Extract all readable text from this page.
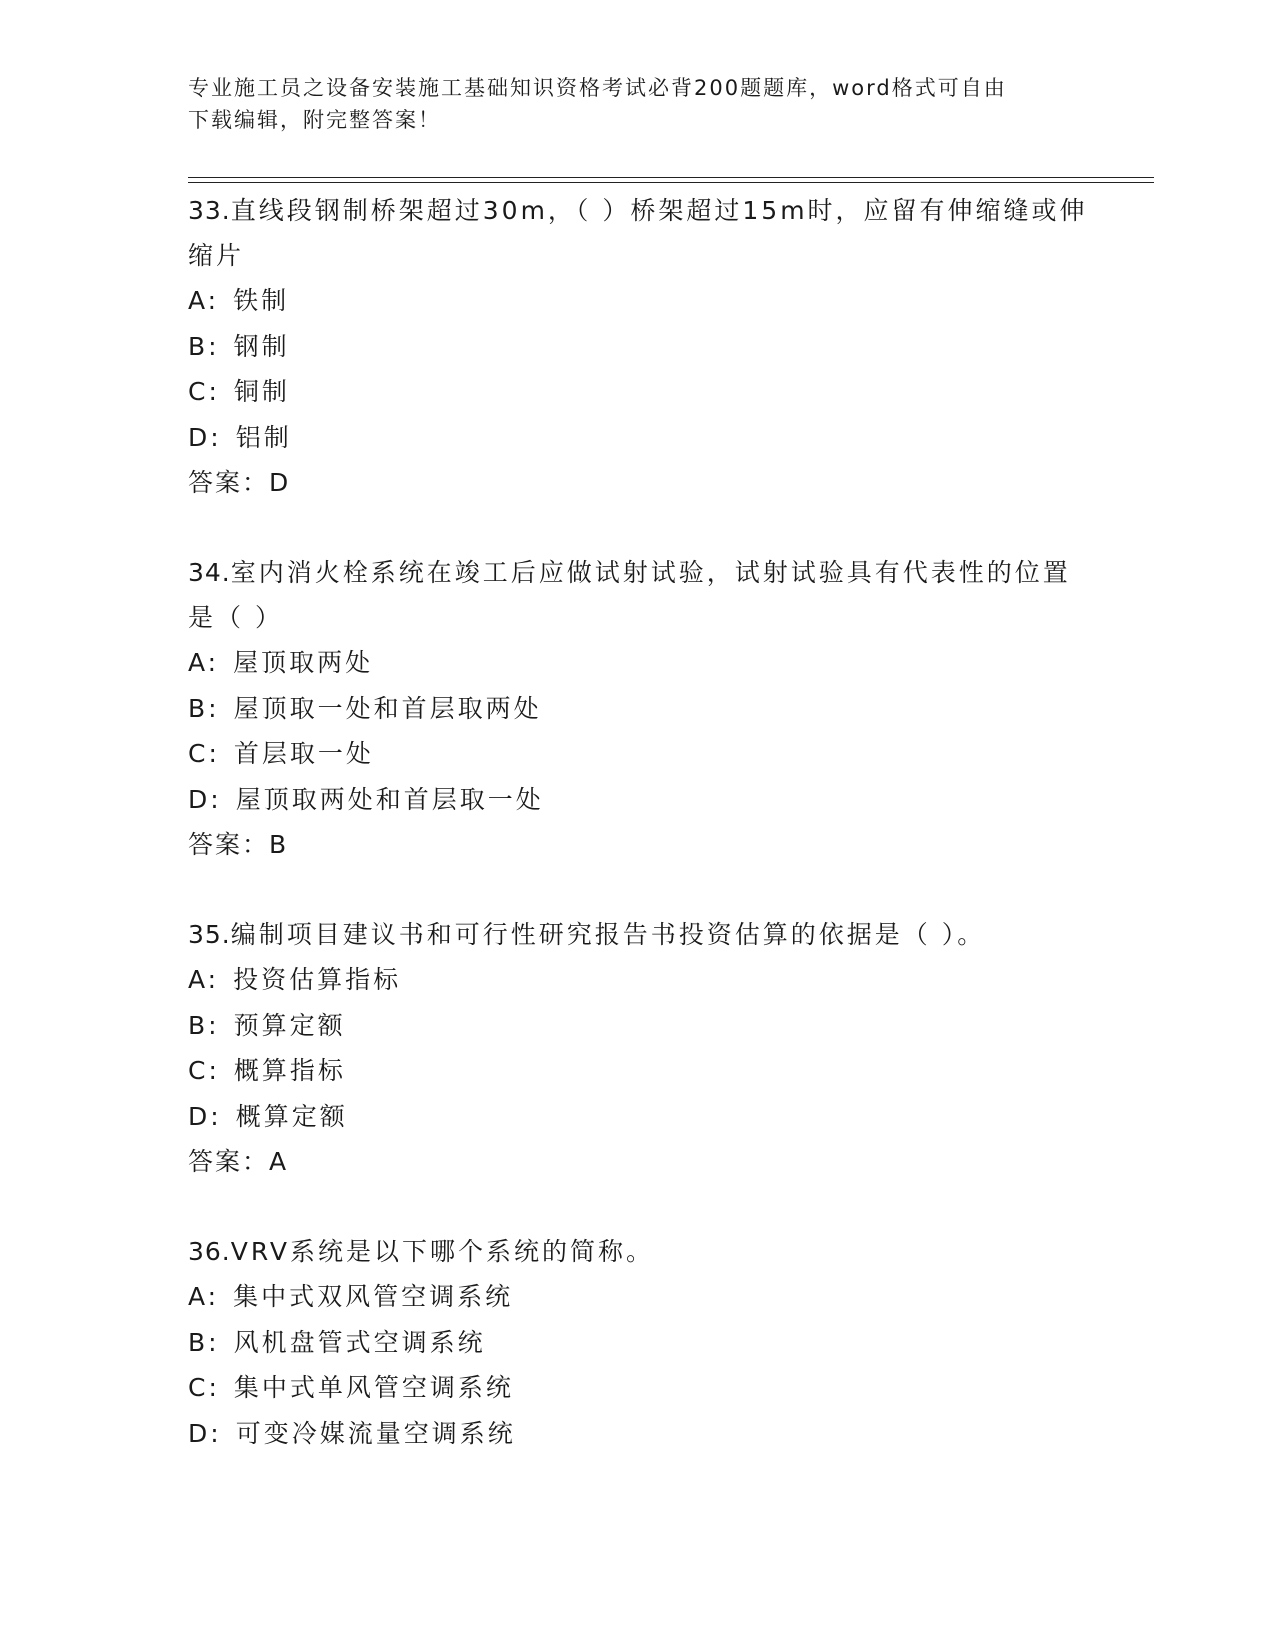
专业施工员之设备安装施工基础知识资格考试必背200题题库，word格式可自由
下载编辑，附完整答案！

33.直线段钢制桥架超过30m，（ ）桥架超过15m时，应留有伸缩缝或伸缩片

A: 铁制

B: 钢制

C: 铜制

D: 铝制

答案：D

34.室内消火栓系统在竣工后应做试射试验，试射试验具有代表性的位置是（ ）

A: 屋顶取两处

B: 屋顶取一处和首层取两处

C: 首层取一处

D: 屋顶取两处和首层取一处

答案：B

35.编制项目建议书和可行性研究报告书投资估算的依据是（ ）。

A: 投资估算指标

B: 预算定额

C: 概算指标

D: 概算定额

答案：A

36.VRV系统是以下哪个系统的简称。

A: 集中式双风管空调系统

B: 风机盘管式空调系统

C: 集中式单风管空调系统

D: 可变冷媒流量空调系统
